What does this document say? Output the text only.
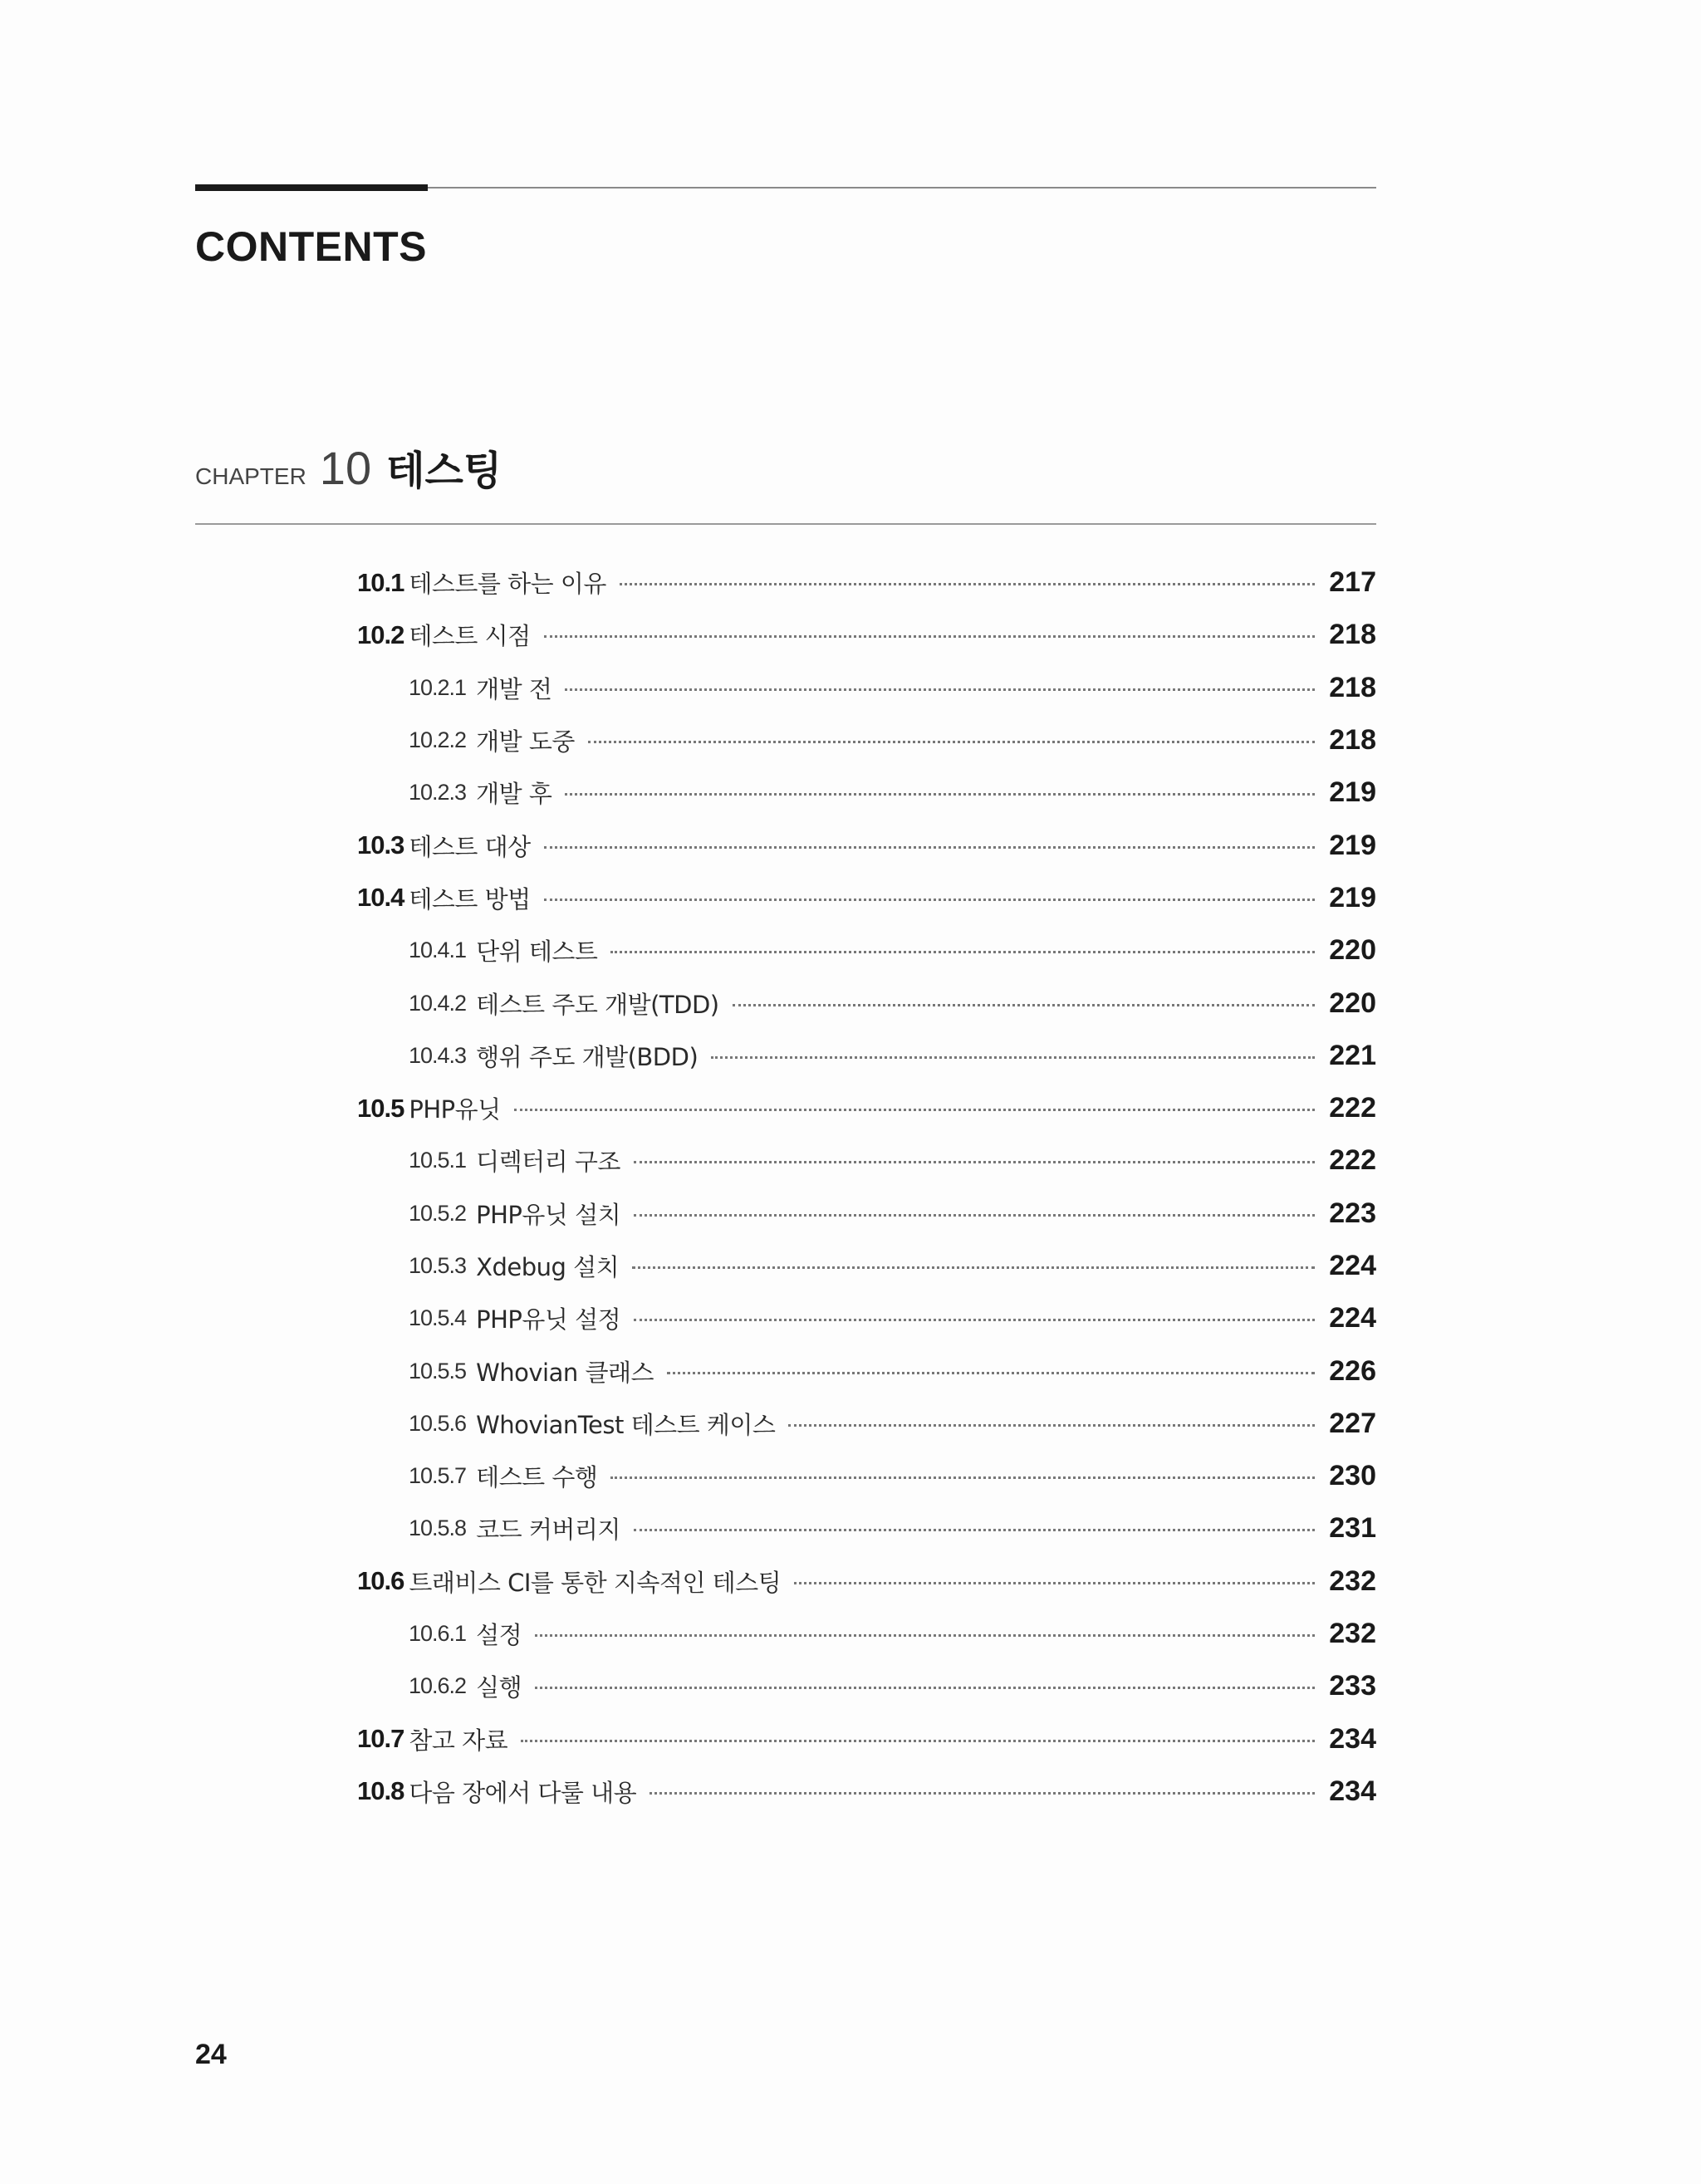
CONTENTS
CHAPTER 10 테스팅
10.1 테스트를 하는 이유	217
10.2 테스트 시점	218
10.2.1 개발 전	218
10.2.2 개발 도중	218
10.2.3 개발 후	219
10.3 테스트 대상	219
10.4 테스트 방법	219
10.4.1 단위 테스트	220
10.4.2 테스트 주도 개발(TDD)	220
10.4.3 행위 주도 개발(BDD)	221
10.5 PHP유닛	222
10.5.1 디렉터리 구조	222
10.5.2 PHP유닛 설치	223
10.5.3 Xdebug 설치	224
10.5.4 PHP유닛 설정	224
10.5.5 Whovian 클래스	226
10.5.6 WhovianTest 테스트 케이스	227
10.5.7 테스트 수행	230
10.5.8 코드 커버리지	231
10.6 트래비스 CI를 통한 지속적인 테스팅	232
10.6.1 설정	232
10.6.2 실행	233
10.7 참고 자료	234
10.8 다음 장에서 다룰 내용	234
24
